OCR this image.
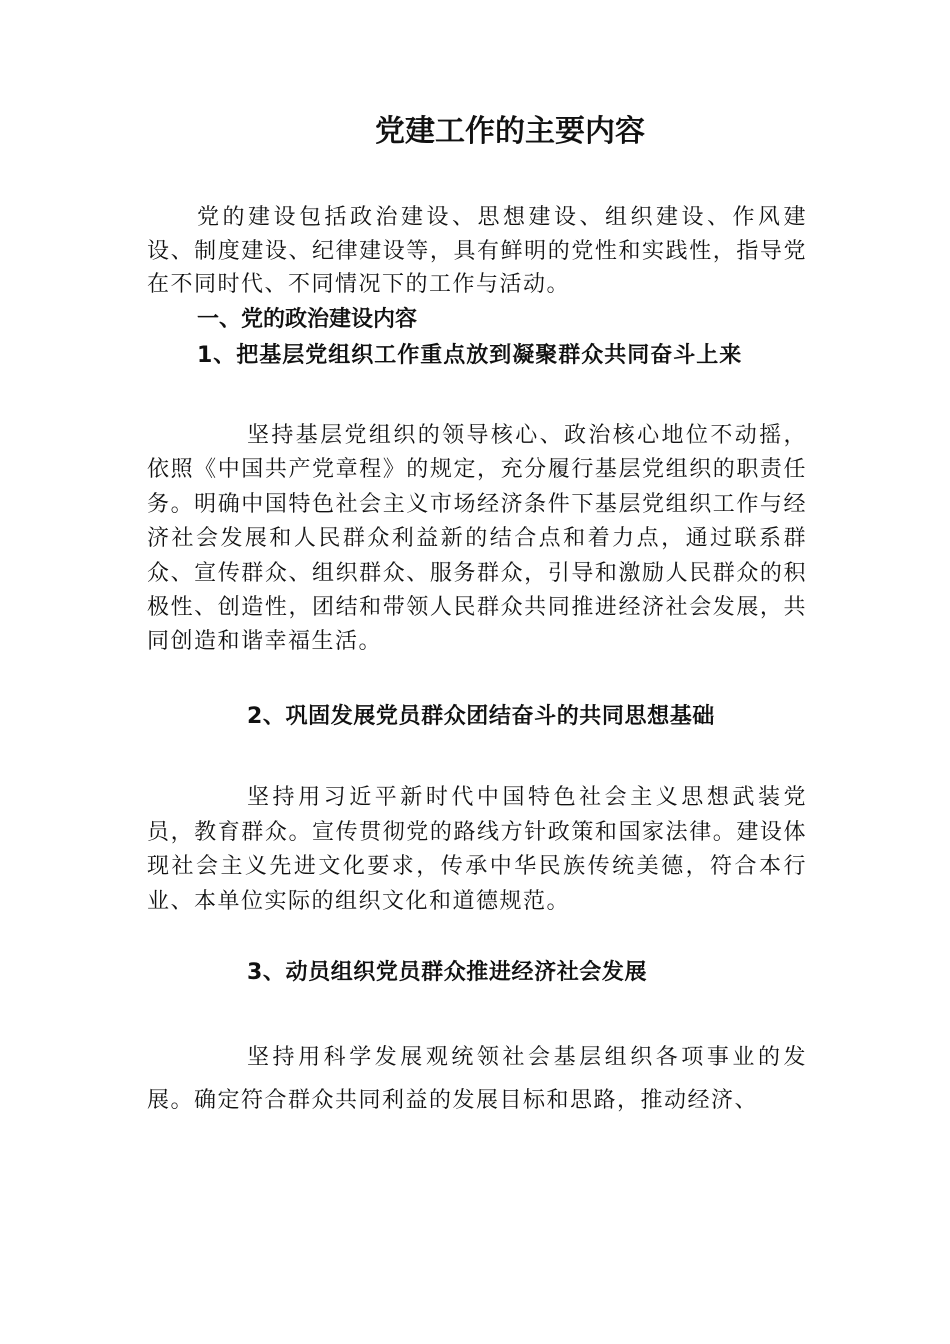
党建工作的主要内容

党的建设包括政治建设、思想建设、组织建设、作风建设、制度建设、纪律建设等，具有鲜明的党性和实践性，指导党在不同时代、不同情况下的工作与活动。

一、党的政治建设内容
1、把基层党组织工作重点放到凝聚群众共同奋斗上来

坚持基层党组织的领导核心、政治核心地位不动摇，依照《中国共产党章程》的规定，充分履行基层党组织的职责任务。明确中国特色社会主义市场经济条件下基层党组织工作与经济社会发展和人民群众利益新的结合点和着力点，通过联系群众、宣传群众、组织群众、服务群众，引导和激励人民群众的积极性、创造性，团结和带领人民群众共同推进经济社会发展，共同创造和谐幸福生活。

2、巩固发展党员群众团结奋斗的共同思想基础

坚持用习近平新时代中国特色社会主义思想武装党员，教育群众。宣传贯彻党的路线方针政策和国家法律。建设体现社会主义先进文化要求，传承中华民族传统美德，符合本行业、本单位实际的组织文化和道德规范。

3、动员组织党员群众推进经济社会发展

坚持用科学发展观统领社会基层组织各项事业的发展。确定符合群众共同利益的发展目标和思路，推动经济、
